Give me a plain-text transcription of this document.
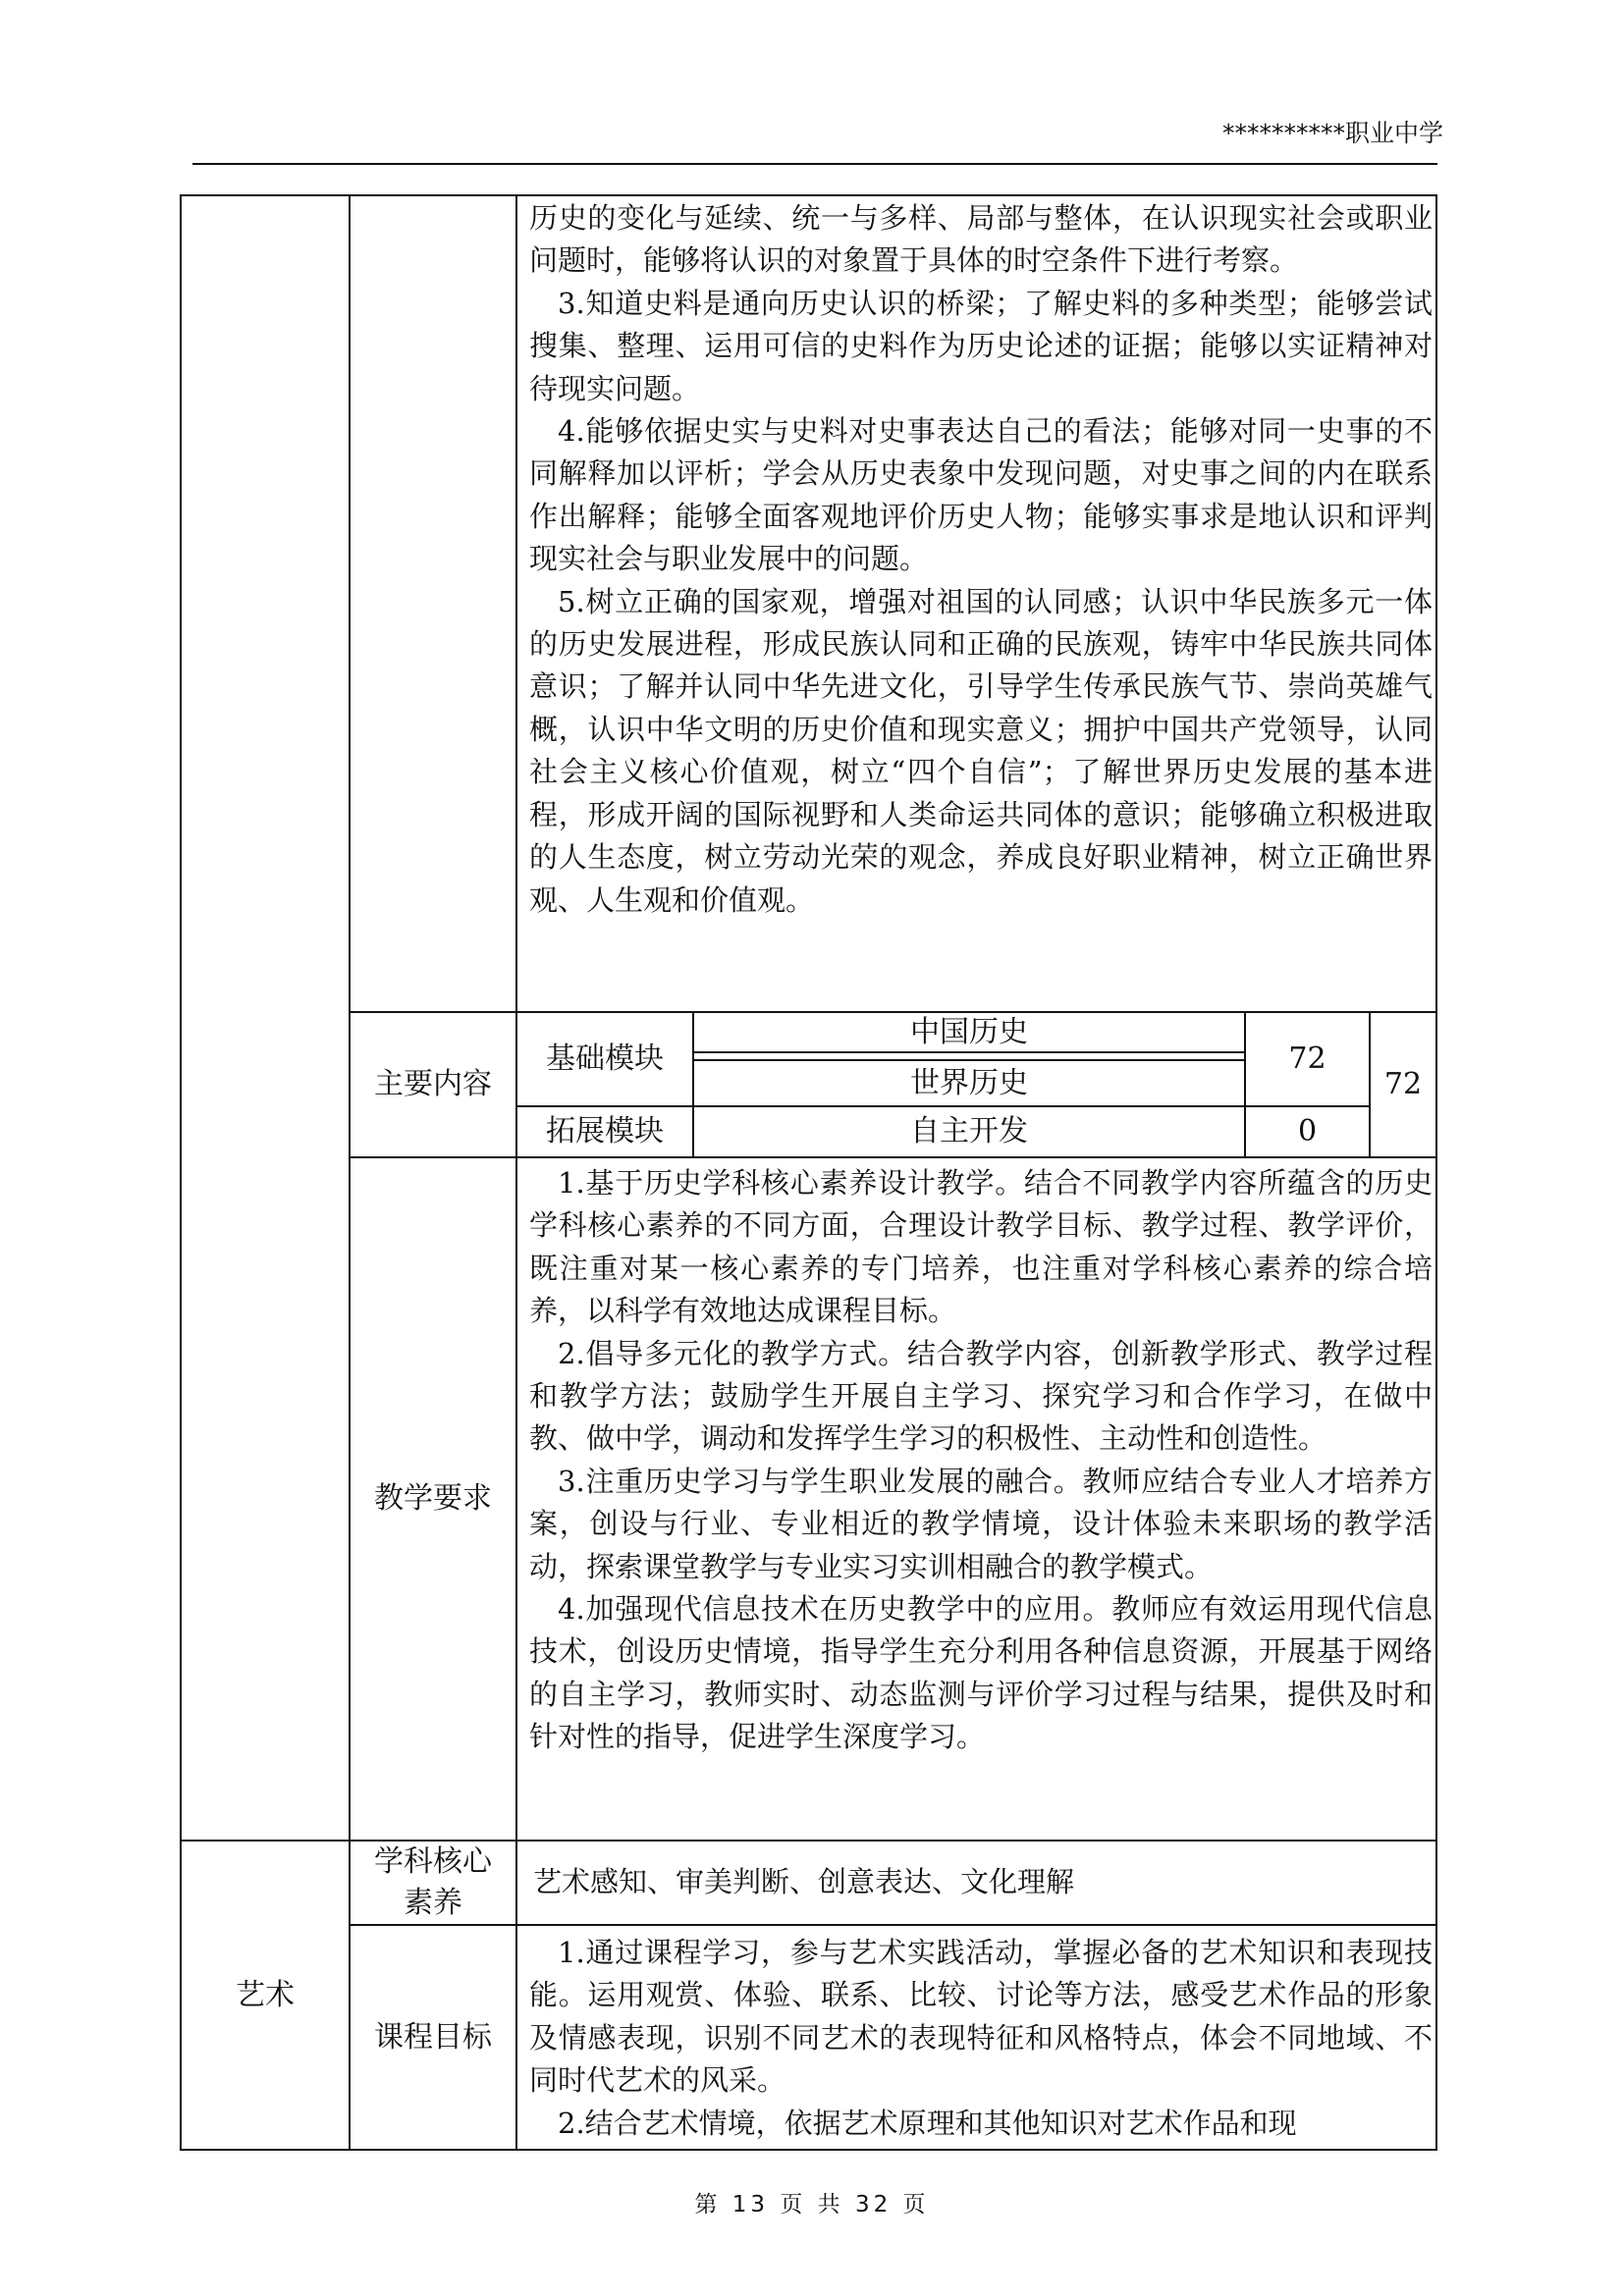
**********职业中学

历史的变化与延续、统一与多样、局部与整体，在认识现实社会或职业问题时，能够将认识的对象置于具体的时空条件下进行考察。

3.知道史料是通向历史认识的桥梁；了解史料的多种类型；能够尝试搜集、整理、运用可信的史料作为历史论述的证据；能够以实证精神对待现实问题。

4.能够依据史实与史料对史事表达自己的看法；能够对同一史事的不同解释加以评析；学会从历史表象中发现问题，对史事之间的内在联系作出解释；能够全面客观地评价历史人物；能够实事求是地认识和评判现实社会与职业发展中的问题。

5.树立正确的国家观，增强对祖国的认同感；认识中华民族多元一体的历史发展进程，形成民族认同和正确的民族观，铸牢中华民族共同体意识；了解并认同中华先进文化，引导学生传承民族气节、崇尚英雄气概，认识中华文明的历史价值和现实意义；拥护中国共产党领导，认同社会主义核心价值观，树立“四个自信”；了解世界历史发展的基本进程，形成开阔的国际视野和人类命运共同体的意识；能够确立积极进取的人生态度，树立劳动光荣的观念，养成良好职业精神，树立正确世界观、人生观和价值观。

主要内容
基础模块
中国历史
世界历史
72
拓展模块	自主开发	0
72
教学要求

1.基于历史学科核心素养设计教学。结合不同教学内容所蕴含的历史学科核心素养的不同方面，合理设计教学目标、教学过程、教学评价，既注重对某一核心素养的专门培养，也注重对学科核心素养的综合培养，以科学有效地达成课程目标。

2.倡导多元化的教学方式。结合教学内容，创新教学形式、教学过程和教学方法；鼓励学生开展自主学习、探究学习和合作学习，在做中教、做中学，调动和发挥学生学习的积极性、主动性和创造性。

3.注重历史学习与学生职业发展的融合。教师应结合专业人才培养方案，创设与行业、专业相近的教学情境，设计体验未来职场的教学活动，探索课堂教学与专业实习实训相融合的教学模式。

4.加强现代信息技术在历史教学中的应用。教师应有效运用现代信息技术，创设历史情境，指导学生充分利用各种信息资源，开展基于网络的自主学习，教师实时、动态监测与评价学习过程与结果，提供及时和针对性的指导，促进学生深度学习。

艺术
学科核心
素养
艺术感知、审美判断、创意表达、文化理解
课程目标

1.通过课程学习，参与艺术实践活动，掌握必备的艺术知识和表现技能。运用观赏、体验、联系、比较、讨论等方法，感受艺术作品的形象及情感表现，识别不同艺术的表现特征和风格特点，体会不同地域、不同时代艺术的风采。

2.结合艺术情境，依据艺术原理和其他知识对艺术作品和现

第 13 页 共 32 页
